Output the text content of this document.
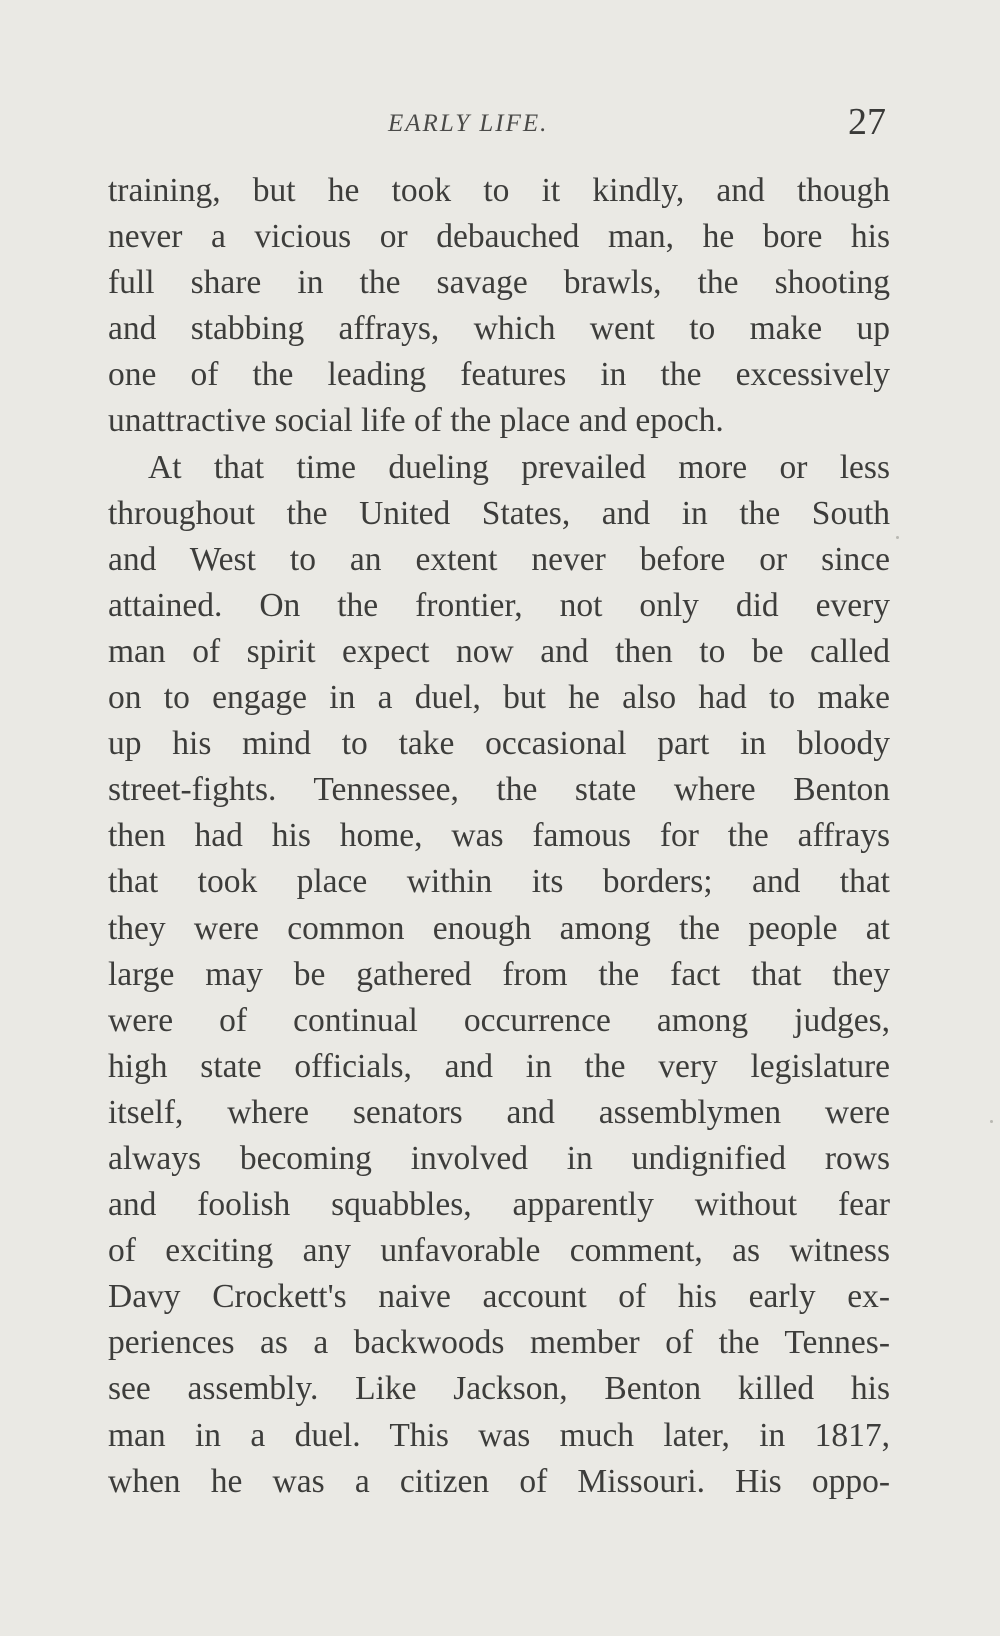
EARLY LIFE.	27
training, but he took to it kindly, and though
never a vicious or debauched man, he bore his
full share in the savage brawls, the shooting
and stabbing affrays, which went to make up
one of the leading features in the excessively
unattractive social life of the place and epoch.
At that time dueling prevailed more or less
throughout the United States, and in the South
and West to an extent never before or since
attained. On the frontier, not only did every
man of spirit expect now and then to be called
on to engage in a duel, but he also had to make
up his mind to take occasional part in bloody
street-fights. Tennessee, the state where Benton
then had his home, was famous for the affrays
that took place within its borders; and that
they were common enough among the people at
large may be gathered from the fact that they
were of continual occurrence among judges,
high state officials, and in the very legislature
itself, where senators and assemblymen were
always becoming involved in undignified rows
and foolish squabbles, apparently without fear
of exciting any unfavorable comment, as witness
Davy Crockett's naive account of his early ex-
periences as a backwoods member of the Tennes-
see assembly. Like Jackson, Benton killed his
man in a duel. This was much later, in 1817,
when he was a citizen of Missouri. His oppo-
